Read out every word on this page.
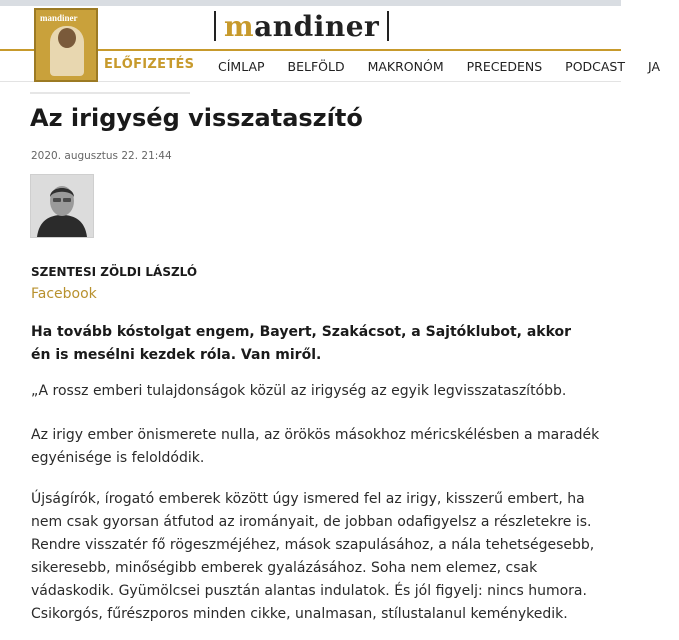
mandiner	mandiner
ELŐFIZETÉS CÍMLAP BELFÖLD MAKRONÓM PRECEDENS PODCAST JA
Az irigység visszataszító
2020. augusztus 22. 21:44
SZENTESI ZÖLDI LÁSZLÓ
Facebook
Ha tovább kóstolgat engem, Bayert, Szakácsot, a Sajtóklubot, akkor én is mesélni kezdek róla. Van miről.
„A rossz emberi tulajdonságok közül az irigység az egyik legvisszataszítóbb.
Az irigy ember önismerete nulla, az örökös másokhoz méricskélésben a maradék egyénisége is feloldódik.
Újságírók, írogató emberek között úgy ismered fel az irigy, kisszerű embert, ha nem csak gyorsan átfutod az irományait, de jobban odafigyelsz a részletekre is. Rendre visszatér fő rögeszméjéhez, mások szapulásához, a nála tehetségesebb, sikeresebb, minőségibb emberek gyalázásához. Soha nem elemez, csak vádaskodik. Gyümölcsei pusztán alantas indulatok. És jól figyelj: nincs humora. Csikorgós, fűrészporos minden cikke, unalmasan, stílustalanul keménykedik.
